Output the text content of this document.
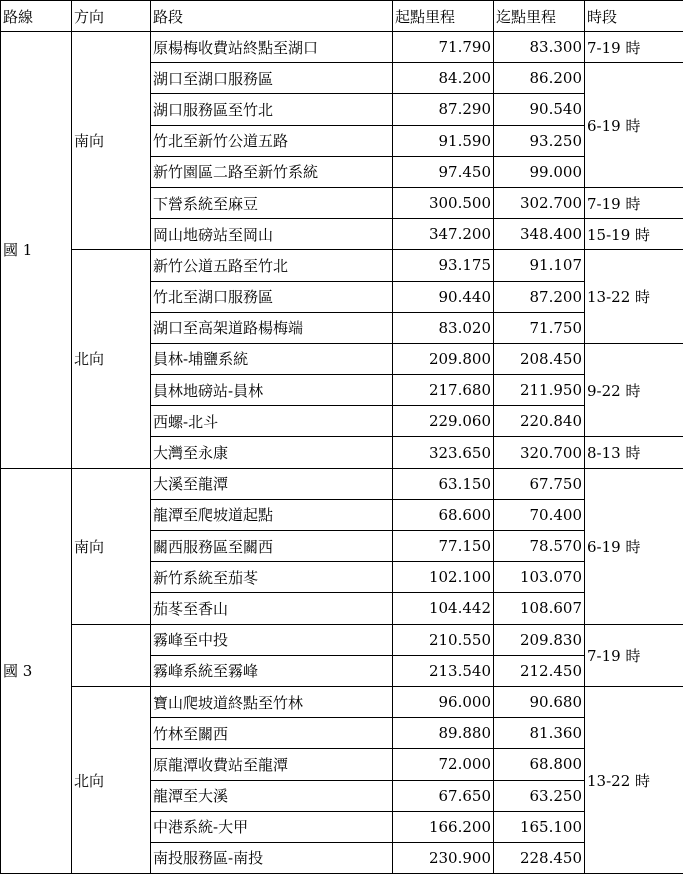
路線	方向	路段	起點里程	迄點里程	時段
國 1	南向	原楊梅收費站終點至湖口	71.790	83.300	7-19 時
		湖口至湖口服務區	84.200	86.200	6-19 時
		湖口服務區至竹北	87.290	90.540	
		竹北至新竹公道五路	91.590	93.250	
		新竹園區二路至新竹系統	97.450	99.000	
		下營系統至麻豆	300.500	302.700	7-19 時
		岡山地磅站至岡山	347.200	348.400	15-19 時
	北向	新竹公道五路至竹北	93.175	91.107	13-22 時
		竹北至湖口服務區	90.440	87.200	
		湖口至高架道路楊梅端	83.020	71.750	
		員林-埔鹽系統	209.800	208.450	9-22 時
		員林地磅站-員林	217.680	211.950	
		西螺-北斗	229.060	220.840	
		大灣至永康	323.650	320.700	8-13 時
國 3	南向	大溪至龍潭	63.150	67.750	6-19 時
		龍潭至爬坡道起點	68.600	70.400	
		關西服務區至關西	77.150	78.570	
		新竹系統至茄苳	102.100	103.070	
		茄苳至香山	104.442	108.607	
		霧峰至中投	210.550	209.830	7-19 時
		霧峰系統至霧峰	213.540	212.450	
	北向	寶山爬坡道終點至竹林	96.000	90.680	13-22 時
		竹林至關西	89.880	81.360	
		原龍潭收費站至龍潭	72.000	68.800	
		龍潭至大溪	67.650	63.250	
		中港系統-大甲	166.200	165.100	
		南投服務區-南投	230.900	228.450	
